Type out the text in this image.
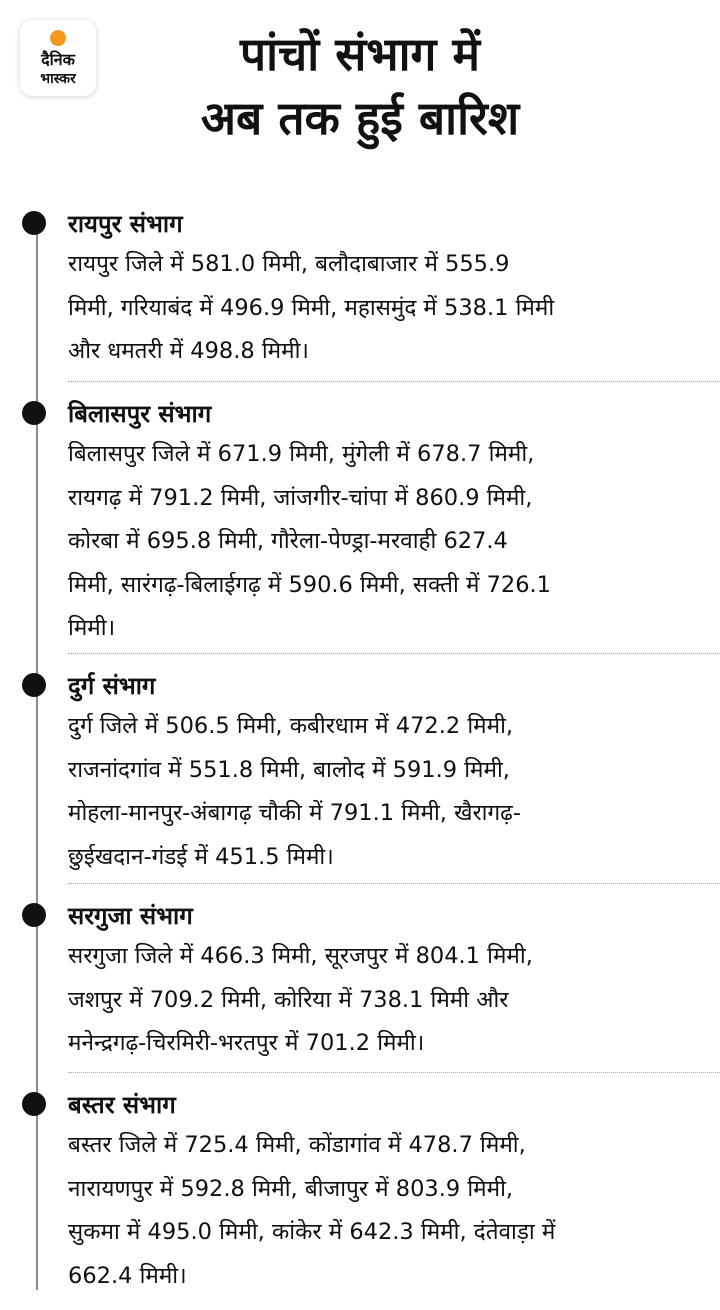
दैनिक
भास्कर	पांचों संभाग में
अब तक हुई बारिश
रायपुर संभाग
रायपुर जिले में 581.0 मिमी, बलौदाबाजार में 555.9
मिमी, गरियाबंद में 496.9 मिमी, महासमुंद में 538.1 मिमी
और धमतरी में 498.8 मिमी।
बिलासपुर संभाग
बिलासपुर जिले में 671.9 मिमी, मुंगेली में 678.7 मिमी,
रायगढ़ में 791.2 मिमी, जांजगीर-चांपा में 860.9 मिमी,
कोरबा में 695.8 मिमी, गौरेला-पेण्ड्रा-मरवाही 627.4
मिमी, सारंगढ़-बिलाईगढ़ में 590.6 मिमी, सक्ती में 726.1
मिमी।
दुर्ग संभाग
दुर्ग जिले में 506.5 मिमी, कबीरधाम में 472.2 मिमी,
राजनांदगांव में 551.8 मिमी, बालोद में 591.9 मिमी,
मोहला-मानपुर-अंबागढ़ चौकी में 791.1 मिमी, खैरागढ़-
छुईखदान-गंडई में 451.5 मिमी।
सरगुजा संभाग
सरगुजा जिले में 466.3 मिमी, सूरजपुर में 804.1 मिमी,
जशपुर में 709.2 मिमी, कोरिया में 738.1 मिमी और
मनेन्द्रगढ़-चिरमिरी-भरतपुर में 701.2 मिमी।
बस्तर संभाग
बस्तर जिले में 725.4 मिमी, कोंडागांव में 478.7 मिमी,
नारायणपुर में 592.8 मिमी, बीजापुर में 803.9 मिमी,
सुकमा में 495.0 मिमी, कांकेर में 642.3 मिमी, दंतेवाड़ा में
662.4 मिमी।
